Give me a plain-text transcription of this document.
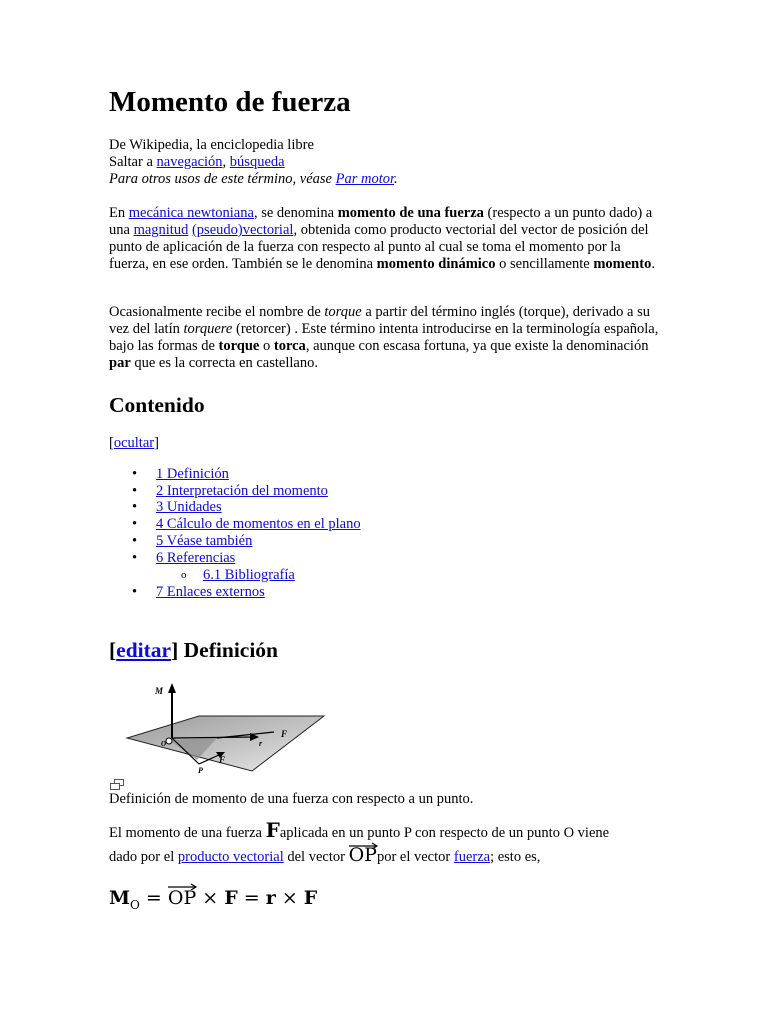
Momento de fuerza
De Wikipedia, la enciclopedia libre
Saltar a navegación, búsqueda
Para otros usos de este término, véase Par motor.
En mecánica newtoniana, se denomina momento de una fuerza (respecto a un punto dado) a una magnitud (pseudo)vectorial, obtenida como producto vectorial del vector de posición del punto de aplicación de la fuerza con respecto al punto al cual se toma el momento por la fuerza, en ese orden. También se le denomina momento dinámico o sencillamente momento.
Ocasionalmente recibe el nombre de torque a partir del término inglés (torque), derivado a su vez del latín torquere (retorcer) . Este término intenta introducirse en la terminología española, bajo las formas de torque o torca, aunque con escasa fortuna, ya que existe la denominación par que es la correcta en castellano.
Contenido
[ocultar]
• 1 Definición
• 2 Interpretación del momento
• 3 Unidades
• 4 Cálculo de momentos en el plano
• 5 Véase también
• 6 Referencias
o 6.1 Bibliografía
• 7 Enlaces externos
[editar] Definición
M
F
F
r
P
O
Definición de momento de una fuerza con respecto a un punto.
El momento de una fuerza Faplicada en un punto P con respecto de un punto O viene
dado por el producto vectorial del vector
OPpor el vector fuerza; esto es,
$M_O$ =
OP × F = r × F
